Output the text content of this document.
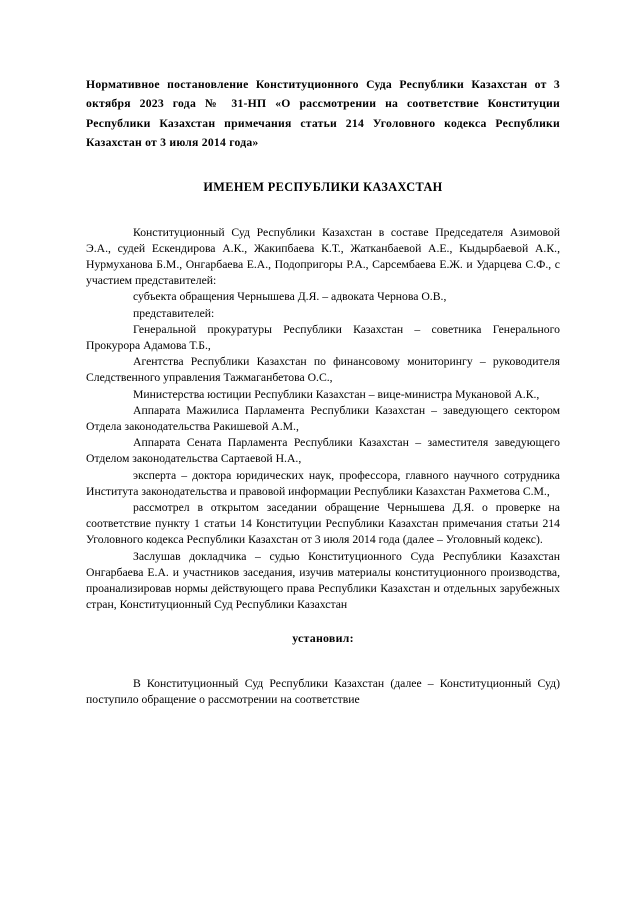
Нормативное постановление Конституционного Суда Республики Казахстан от 3 октября 2023 года № 31-НП «О рассмотрении на соответствие Конституции Республики Казахстан примечания статьи 214 Уголовного кодекса Республики Казахстан от 3 июля 2014 года»
ИМЕНЕМ РЕСПУБЛИКИ КАЗАХСТАН

Конституционный Суд Республики Казахстан в составе Председателя Азимовой Э.А., судей Ескендирова А.К., Жакипбаева К.Т., Жатканбаевой А.Е., Кыдырбаевой А.К., Нурмуханова Б.М., Онгарбаева Е.А., Подопригоры Р.А., Сарсембаева Е.Ж. и Ударцева С.Ф., с участием представителей:

субъекта обращения Чернышева Д.Я. – адвоката Чернова О.В.,

представителей:

Генеральной прокуратуры Республики Казахстан – советника Генерального Прокурора Адамова Т.Б.,

Агентства Республики Казахстан по финансовому мониторингу – руководителя Следственного управления Тажмаганбетова О.С.,

Министерства юстиции Республики Казахстан – вице-министра Мукановой А.К.,

Аппарата Мажилиса Парламента Республики Казахстан – заведующего сектором Отдела законодательства Ракишевой А.М.,

Аппарата Сената Парламента Республики Казахстан – заместителя заведующего Отделом законодательства Сартаевой Н.А.,

эксперта – доктора юридических наук, профессора, главного научного сотрудника Института законодательства и правовой информации Республики Казахстан Рахметова С.М.,

рассмотрел в открытом заседании обращение Чернышева Д.Я. о проверке на соответствие пункту 1 статьи 14 Конституции Республики Казахстан примечания статьи 214 Уголовного кодекса Республики Казахстан от 3 июля 2014 года (далее – Уголовный кодекс).

Заслушав докладчика – судью Конституционного Суда Республики Казахстан Онгарбаева Е.А. и участников заседания, изучив материалы конституционного производства, проанализировав нормы действующего права Республики Казахстан и отдельных зарубежных стран, Конституционный Суд Республики Казахстан

установил:

В Конституционный Суд Республики Казахстан (далее – Конституционный Суд) поступило обращение о рассмотрении на соответствие
